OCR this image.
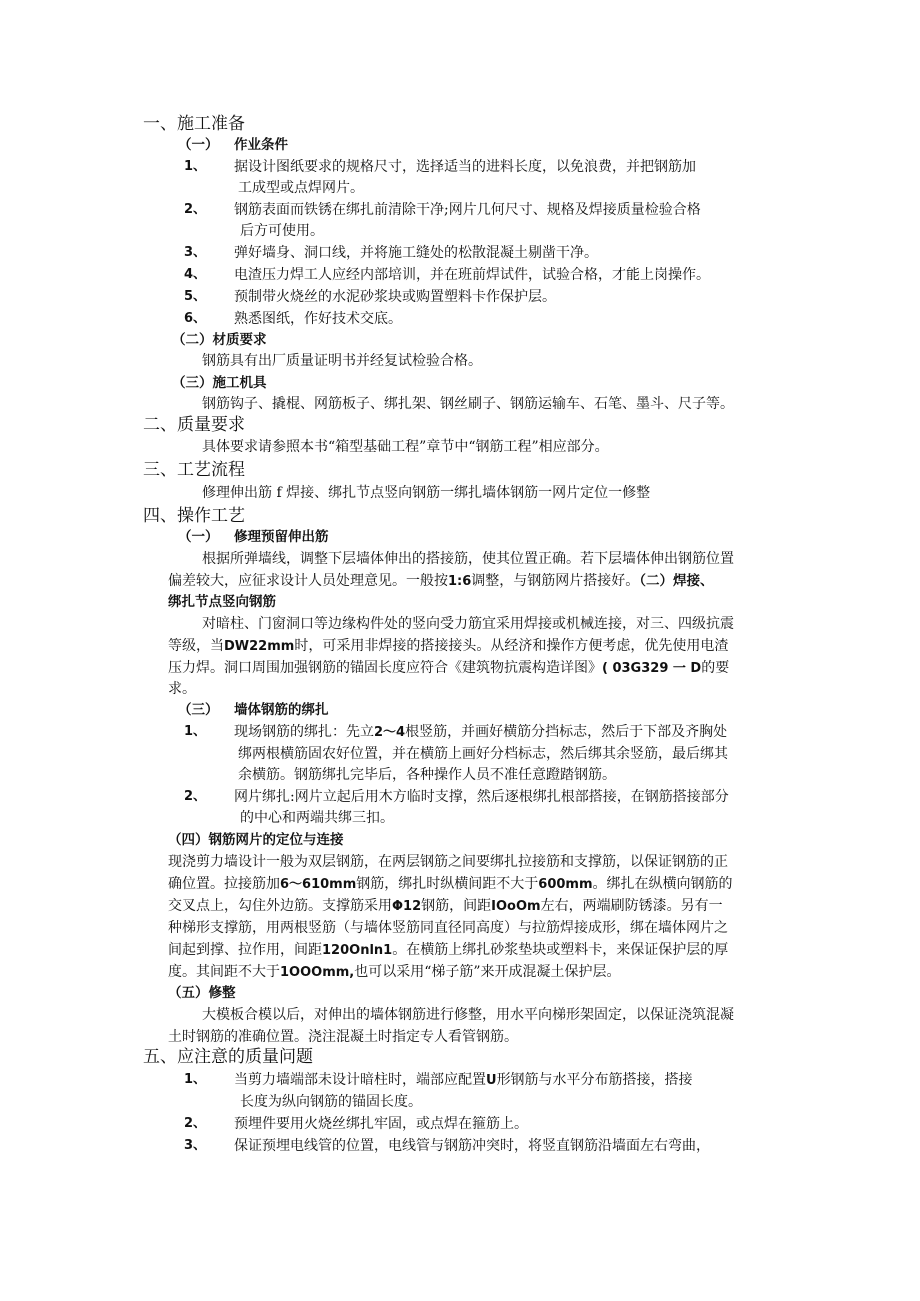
一、施工准备
（一） 作业条件
1、 据设计图纸要求的规格尺寸，选择适当的进料长度，以免浪费，并把钢筋加
工成型或点焊网片。
2、 钢筋表面而铁锈在绑扎前清除干净;网片几何尺寸、规格及焊接质量检验合格
后方可使用。
3、 弹好墙身、洞口线，并将施工缝处的松散混凝土剔凿干净。
4、 电渣压力焊工人应经内部培训，并在班前焊试件，试验合格，才能上岗操作。
5、 预制带火烧丝的水泥砂浆块或购置塑料卡作保护层。
6、 熟悉图纸，作好技术交底。
（二）材质要求
钢筋具有出厂质量证明书并经复试检验合格。
（三）施工机具
钢筋钩子、撬棍、网筋板子、绑扎架、钢丝刷子、钢筋运输车、石笔、墨斗、尺子等。
二、质量要求
具体要求请参照本书“箱型基础工程”章节中“钢筋工程”相应部分。
三、工艺流程
修理伸出筋 f 焊接、绑扎节点竖向钢筋一绑扎墙体钢筋一网片定位一修整
四、操作工艺
（一） 修理预留伸出筋
根据所弹墙线，调整下层墙体伸出的搭接筋，使其位置正确。若下层墙体伸出钢筋位置
偏差较大，应征求设计人员处理意见。一般按1:6调整，与钢筋网片搭接好。（二）焊接、
绑扎节点竖向钢筋
对暗柱、门窗洞口等边缘构件处的竖向受力筋宜采用焊接或机械连接，对三、四级抗震
等级，当DW22mm时，可采用非焊接的搭接接头。从经济和操作方便考虑，优先使用电渣
压力焊。洞口周围加强钢筋的锚固长度应符合《建筑物抗震构造详图》( 03G329 一 D的要
求。
（三） 墙体钢筋的绑扎
1、 现场钢筋的绑扎：先立2〜4根竖筋，并画好横筋分挡标志，然后于下部及齐胸处
绑两根横筋固农好位置，并在横筋上画好分档标志，然后绑其余竖筋，最后绑其
余横筋。钢筋绑扎完毕后，各种操作人员不准任意蹬踏钢筋。
2、 网片绑扎:网片立起后用木方临时支撑，然后逐根绑扎根部搭接，在钢筋搭接部分
的中心和两端共绑三扣。
（四）钢筋网片的定位与连接
现浇剪力墙设计一般为双层钢筋，在两层钢筋之间要绑扎拉接筋和支撑筋，以保证钢筋的正
确位置。拉接筋加6〜610mm钢筋，绑扎时纵横间距不大于600mm。绑扎在纵横向钢筋的
交叉点上，勾住外边筋。支撑筋采用Φ12钢筋，间距IOoOm左右，两端刷防锈漆。另有一
种梯形支撑筋，用两根竖筋（与墙体竖筋同直径同高度）与拉筋焊接成形，绑在墙体网片之
间起到撑、拉作用，间距120Onln1。在横筋上绑扎砂浆垫块或塑料卡，来保证保护层的厚
度。其间距不大于1OOOmm,也可以采用“梯子筋”来开成混凝土保护层。
（五）修整
大模板合模以后，对伸出的墙体钢筋进行修整，用水平向梯形架固定，以保证浇筑混凝
土时钢筋的准确位置。浇注混凝土时指定专人看管钢筋。
五、应注意的质量问题
1、 当剪力墙端部未设计暗柱时，端部应配置U形钢筋与水平分布筋搭接，搭接
长度为纵向钢筋的锚固长度。
2、 预埋件要用火烧丝绑扎牢固，或点焊在箍筋上。
3、 保证预埋电线管的位置，电线管与钢筋冲突时，将竖直钢筋沿墙面左右弯曲，
